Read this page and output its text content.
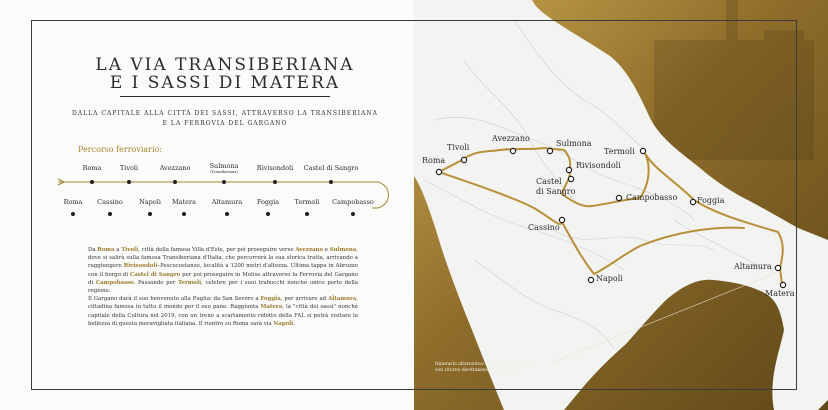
Roma
Tivoli
Avezzano
Sulmona
Rivisondoli
Castel
di Sangro
Termoli
Campobasso Foggia
Cassino
Napoli
Altamura
Matera
Itinerario alternativo: "La via Transiberiana"
con ritorno direttamente su Napoli.
LA VIA TRANSIBERIANA
E I SASSI DI MATERA

DALLA CAPITALE ALLA CITTÀ DEI SASSI, ATTRAVERSO LA TRANSIBERIANA

E LA FERROVIA DEL GARGANO

Percorso ferroviario:
Roma	Tivoli	Avezzano	Sulmona
(Transiberiana)	Rivisondoli Castel di Sangro
Roma Cassino	Napoli Matera Altamura Foggia Termoli Campobasso

Da Roma a Tivoli, città della famosa Villa d'Este, per poi proseguire verso Avezzano e Sulmona, dove si salirà sulla famosa Transiberiana d'Italia, che percorrerà la sua storica tratta, arrivando a raggiungere Rivisondoli–Pescocostanzo, località a 1200 metri d'altezza. Ultima tappa in Abruzzo con il borgo di Castel di Sangro per poi proseguire in Molise attraverso la Ferrovia del Gargano di Campobasso. Passando per Termoli, celebre per i suoi trabocchi nonché unico porto della regione.

Il Gargano darà il suo benvenuto alla Puglia: da San Severo a Foggia, per arrivare ad Altamura, cittadina famosa in tutto il mondo per il suo pane. Raggiunta Matera, la "città dei sassi" nonché capitale della Cultura nel 2019, con un treno a scartamento ridotto della FAL si potrà visitare la bellezza di questa meravigliata italiana. Il rientro su Roma sarà via Napoli.
